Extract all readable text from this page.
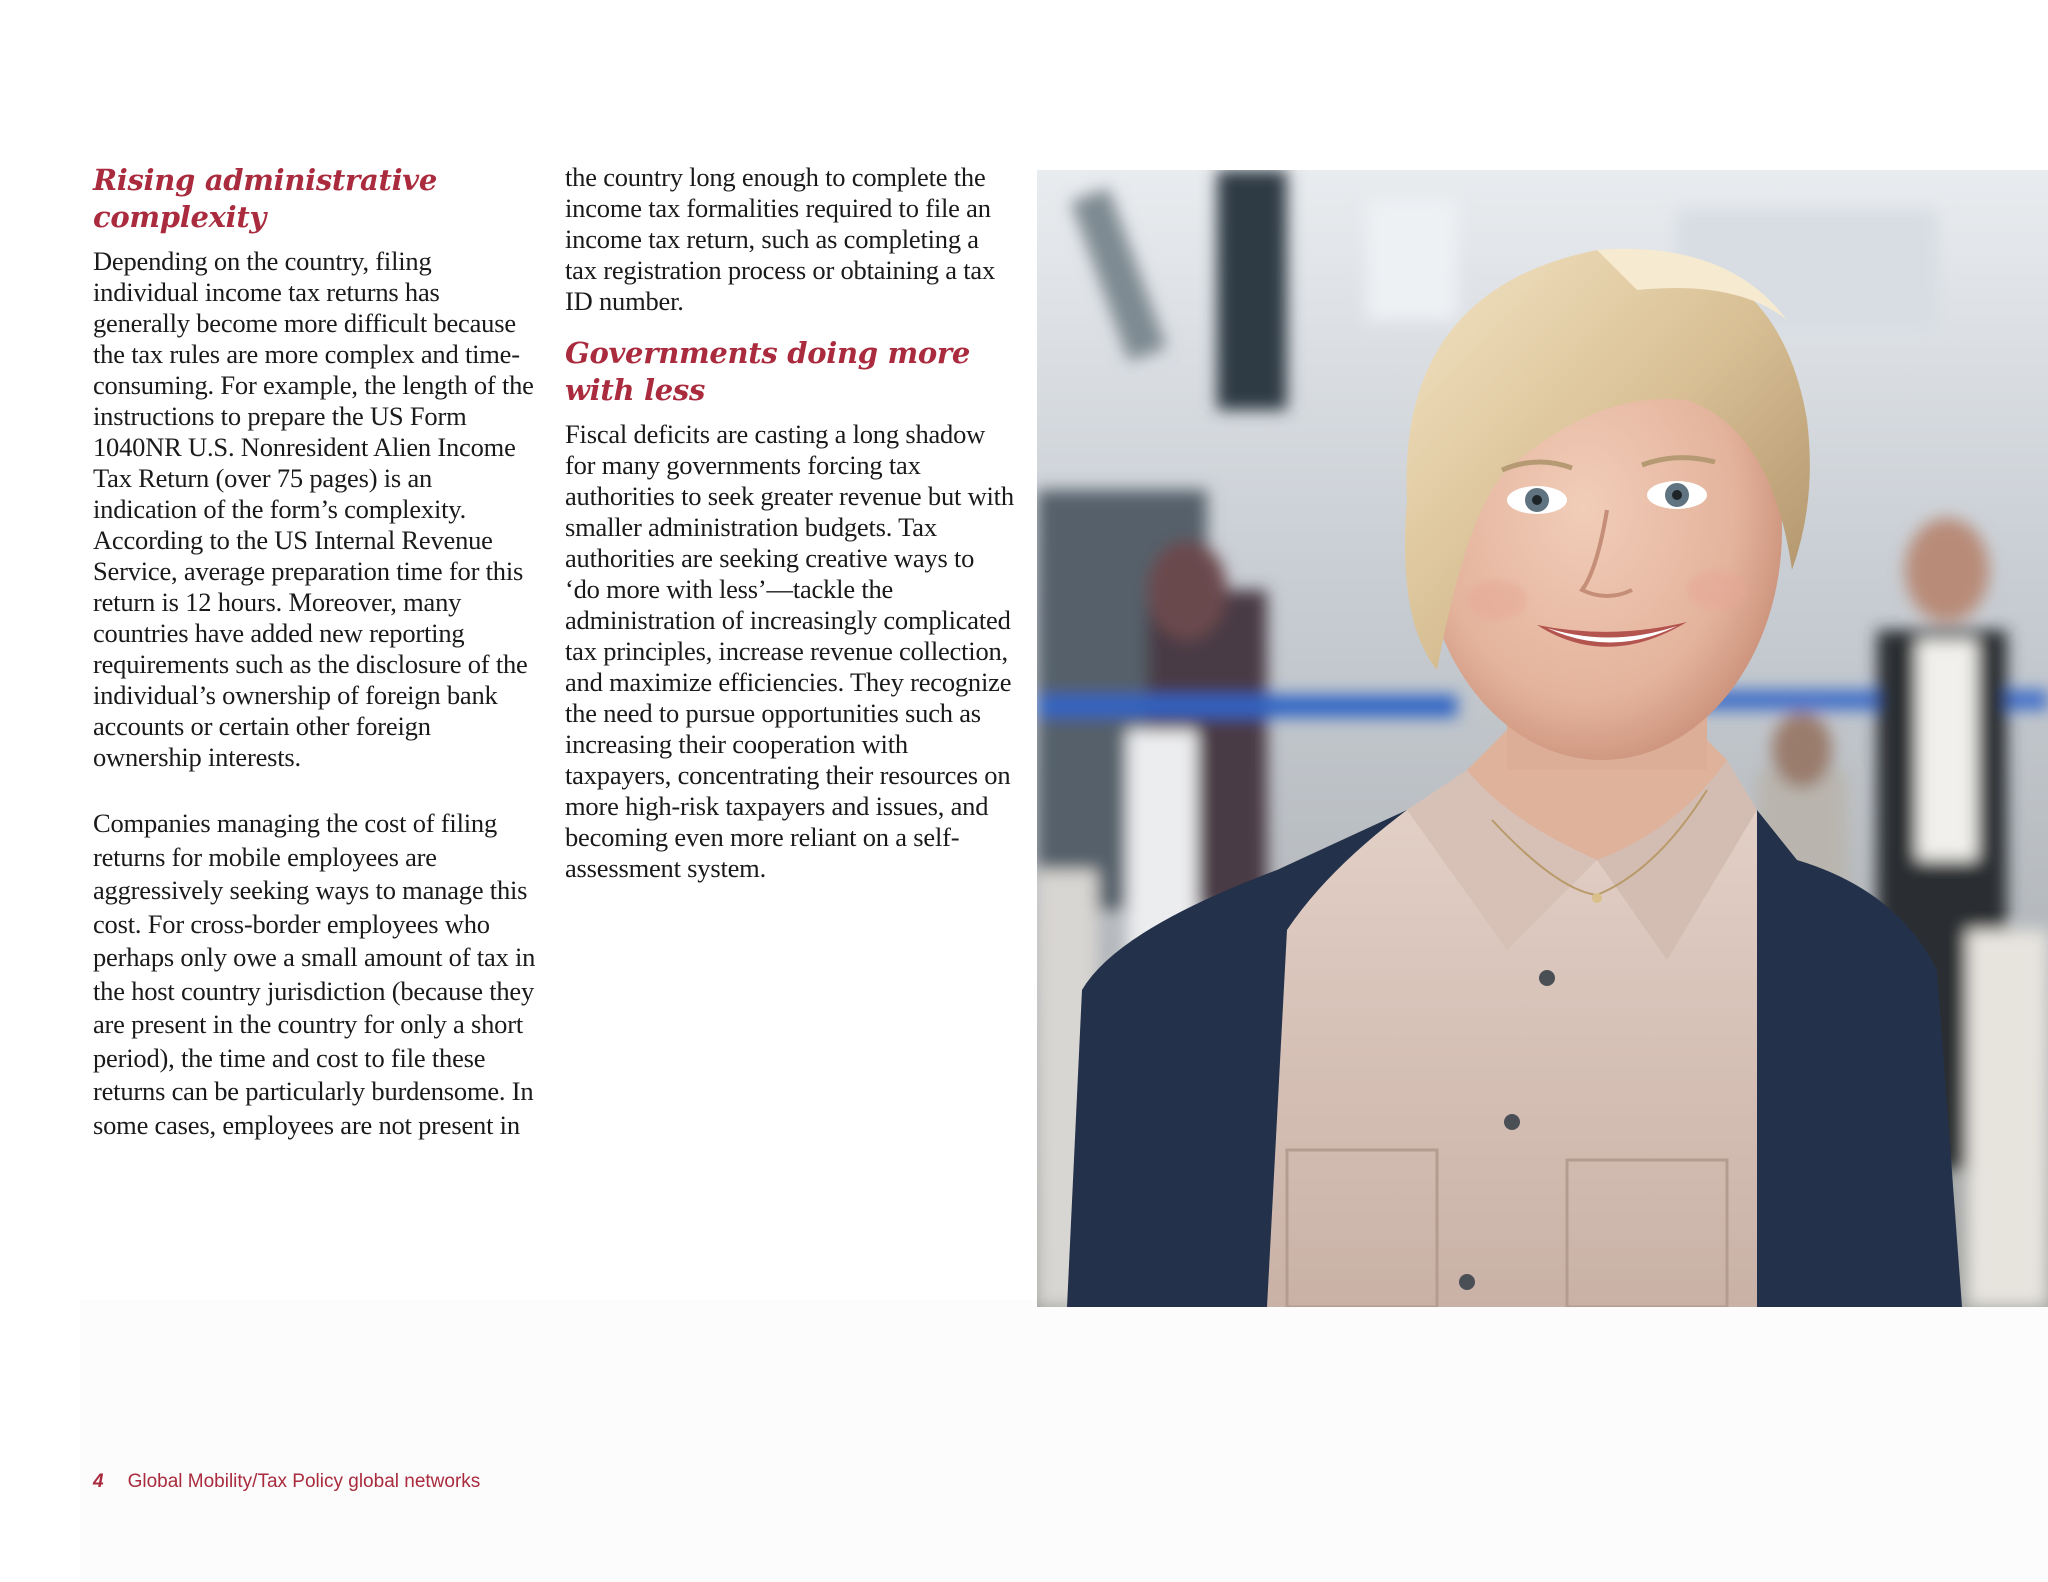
Rising administrative complexity

Depending on the country, filing individual income tax returns has generally become more difficult because the tax rules are more complex and time-consuming. For example, the length of the instructions to prepare the US Form 1040NR U.S. Nonresident Alien Income Tax Return (over 75 pages) is an indication of the form’s complexity. According to the US Internal Revenue Service, average preparation time for this return is 12 hours. Moreover, many countries have added new reporting requirements such as the disclosure of the individual’s ownership of foreign bank accounts or certain other foreign ownership interests.

Companies managing the cost of filing returns for mobile employees are aggressively seeking ways to manage this cost. For cross-border employees who perhaps only owe a small amount of tax in the host country jurisdiction (because they are present in the country for only a short period), the time and cost to file these returns can be particularly burdensome. In some cases, employees are not present in

the country long enough to complete the income tax formalities required to file an income tax return, such as completing a tax registration process or obtaining a tax ID number.

Governments doing more with less

Fiscal deficits are casting a long shadow for many governments forcing tax authorities to seek greater revenue but with smaller administration budgets. Tax authorities are seeking creative ways to ‘do more with less’—tackle the administration of increasingly complicated tax principles, increase revenue collection, and maximize efficiencies. They recognize the need to pursue opportunities such as increasing their cooperation with taxpayers, concentrating their resources on more high-risk taxpayers and issues, and becoming even more reliant on a self-assessment system.

4 Global Mobility/Tax Policy global networks
